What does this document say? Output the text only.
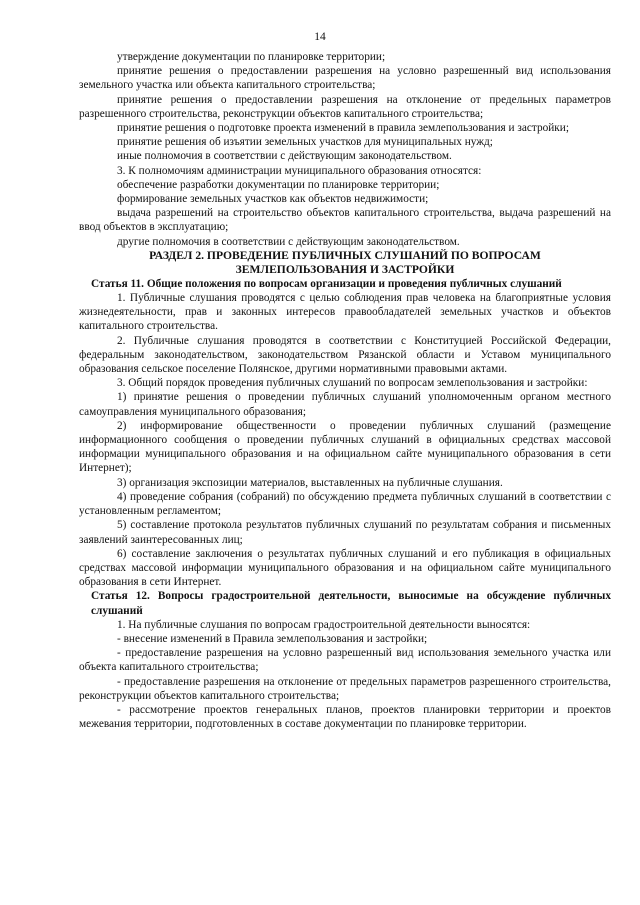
14

утверждение документации по планировке территории;

принятие решения о предоставлении разрешения на условно разрешенный вид использования земельного участка или объекта капитального строительства;

принятие решения о предоставлении разрешения на отклонение от предельных параметров разрешенного строительства, реконструкции объектов капитального строительства;

принятие решения о подготовке проекта изменений в правила землепользования и застройки;

принятие решения об изъятии земельных участков для муниципальных нужд;

иные полномочия в соответствии с действующим законодательством.

3. К полномочиям администрации муниципального образования относятся:

обеспечение разработки документации по планировке территории;

формирование земельных участков как объектов недвижимости;

выдача разрешений на строительство объектов капитального строительства, выдача разрешений на ввод объектов в эксплуатацию;

другие полномочия в соответствии с действующим законодательством.

РАЗДЕЛ 2. ПРОВЕДЕНИЕ ПУБЛИЧНЫХ СЛУШАНИЙ ПО ВОПРОСАМ
ЗЕМЛЕПОЛЬЗОВАНИЯ И ЗАСТРОЙКИ

Статья 11. Общие положения по вопросам организации и проведения публичных слушаний

1. Публичные слушания проводятся с целью соблюдения прав человека на благоприятные условия жизнедеятельности, прав и законных интересов правообладателей земельных участков и объектов капитального строительства.

2. Публичные слушания проводятся в соответствии с Конституцией Российской Федерации, федеральным законодательством, законодательством Рязанской области и Уставом муниципального образования сельское поселение Полянское, другими нормативными правовыми актами.

3. Общий порядок проведения публичных слушаний по вопросам землепользования и застройки:

1) принятие решения о проведении публичных слушаний уполномоченным органом местного самоуправления муниципального образования;

2) информирование общественности о проведении публичных слушаний (размещение информационного сообщения о проведении публичных слушаний в официальных средствах массовой информации муниципального образования и на официальном сайте муниципального образования в сети Интернет);

3) организация экспозиции материалов, выставленных на публичные слушания.

4) проведение собрания (собраний) по обсуждению предмета публичных слушаний в соответствии с установленным регламентом;

5) составление протокола результатов публичных слушаний по результатам собрания и письменных заявлений заинтересованных лиц;

6) составление заключения о результатах публичных слушаний и его публикация в официальных средствах массовой информации муниципального образования и на официальном сайте муниципального образования в сети Интернет.

Статья 12. Вопросы градостроительной деятельности, выносимые на обсуждение публичных слушаний

1. На публичные слушания по вопросам градостроительной деятельности выносятся:

- внесение изменений в Правила землепользования и застройки;

- предоставление разрешения на условно разрешенный вид использования земельного участка или объекта капитального строительства;

- предоставление разрешения на отклонение от предельных параметров разрешенного строительства, реконструкции объектов капитального строительства;

- рассмотрение проектов генеральных планов, проектов планировки территории и проектов межевания территории, подготовленных в составе документации по планировке территории.
